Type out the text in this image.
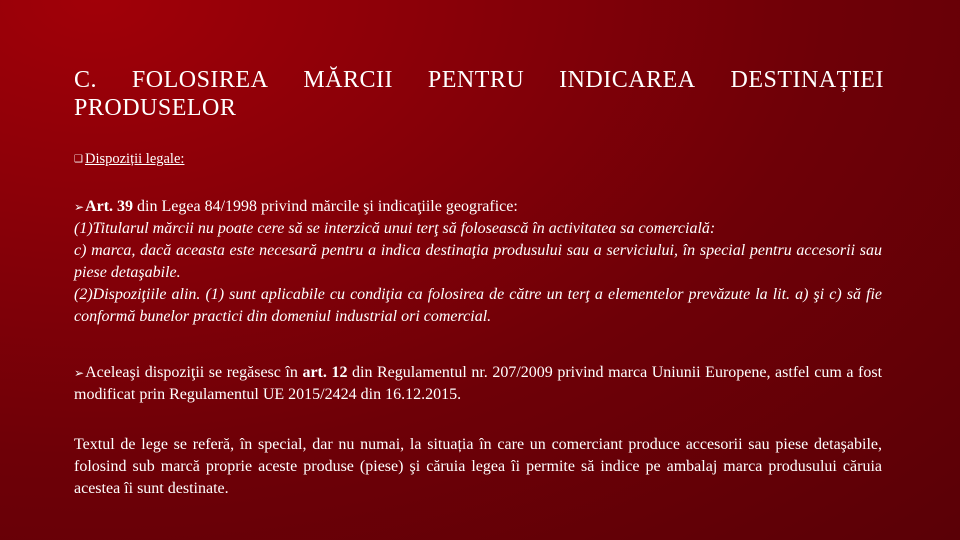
C. FOLOSIREA MĂRCII PENTRU INDICAREA DESTINAȚIEI
PRODUSELOR
❑ Dispoziții legale:
➢Art. 39 din Legea 84/1998 privind mărcile şi indicaţiile geografice:
(1)Titularul mărcii nu poate cere să se interzică unui terţ să folosească în activitatea sa comercială:
c) marca, dacă aceasta este necesară pentru a indica destinaţia produsului sau a serviciului, în special pentru accesorii sau piese detaşabile.
(2)Dispoziţiile alin. (1) sunt aplicabile cu condiţia ca folosirea de către un terţ a elementelor prevăzute la lit. a) şi c) să fie conformă bunelor practici din domeniul industrial ori comercial.
➢Aceleaşi dispoziţii se regăsesc în art. 12 din Regulamentul nr. 207/2009 privind marca Uniunii Europene, astfel cum a fost modificat prin Regulamentul UE 2015/2424 din 16.12.2015.
Textul de lege se referă, în special, dar nu numai, la situația în care un comerciant produce accesorii sau piese detaşabile, folosind sub marcă proprie aceste produse (piese) şi căruia legea îi permite să indice pe ambalaj marca produsului căruia acestea îi sunt destinate.
